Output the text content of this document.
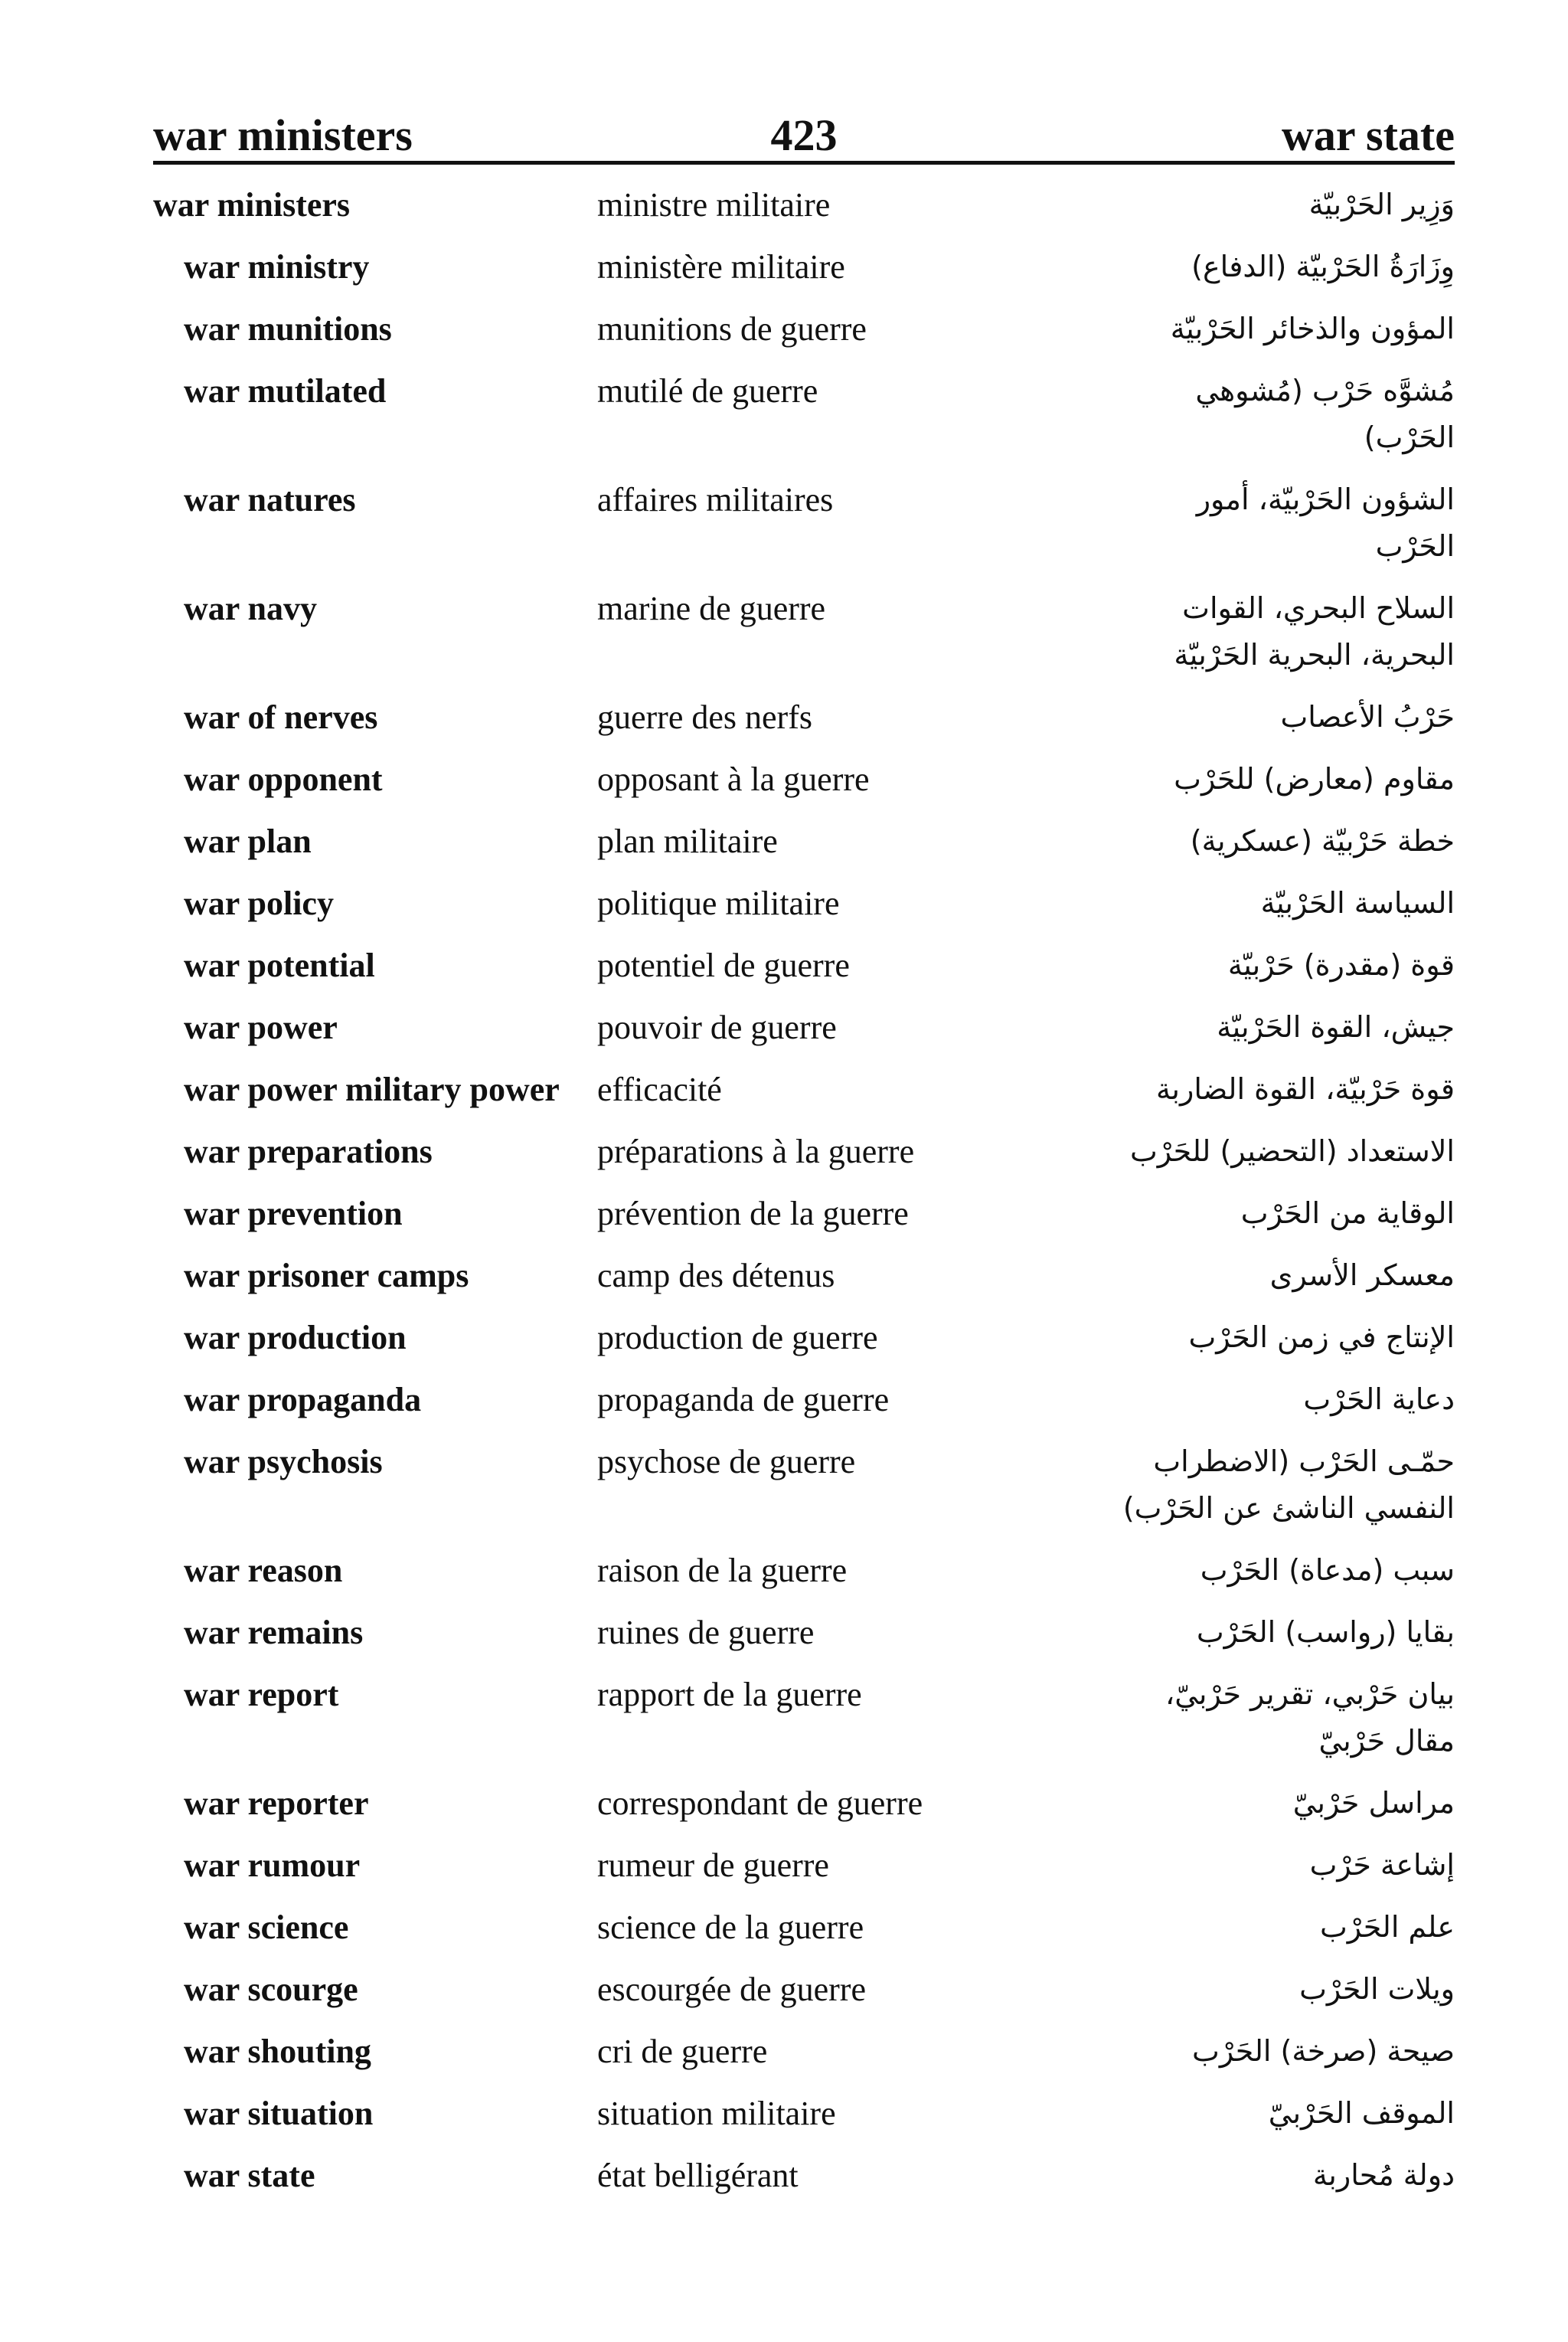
war ministers	423	war state
war ministers	ministre militaire	وَزِير الحَرْبيّة
war ministry	ministère militaire	وِزَارَةُ الحَرْبيّة (الدفاع)
war munitions	munitions de guerre	المؤون والذخائر الحَرْبيّة
war mutilated	mutilé de guerre	مُشوَّه حَرْب (مُشوهي الحَرْب)
war natures	affaires militaires	الشؤون الحَرْبيّة، أمور الحَرْب
war navy	marine de guerre	السلاح البحري، القوات البحرية، البحرية الحَرْبيّة
war of nerves	guerre des nerfs	حَرْبُ الأعصاب
war opponent	opposant à la guerre	مقاوم (معارض) للحَرْب
war plan	plan militaire	خطة حَرْبيّة (عسكرية)
war policy	politique militaire	السياسة الحَرْبيّة
war potential	potentiel de guerre	قوة (مقدرة) حَرْبيّة
war power	pouvoir de guerre	جيش، القوة الحَرْبيّة
war power military power	efficacité	قوة حَرْبيّة، القوة الضاربة
war preparations	préparations à la guerre	الاستعداد (التحضير) للحَرْب
war prevention	prévention de la guerre	الوقاية من الحَرْب
war prisoner camps	camp des détenus	معسكر الأسرى
war production	production de guerre	الإنتاج في زمن الحَرْب
war propaganda	propaganda de guerre	دعاية الحَرْب
war psychosis	psychose de guerre	حمّـى الحَرْب (الاضطراب النفسي الناشئ عن الحَرْب)
war reason	raison de la guerre	سبب (مدعاة) الحَرْب
war remains	ruines de guerre	بقايا (رواسب) الحَرْب
war report	rapport de la guerre	بيان حَرْبي، تقرير حَرْبيّ، مقال حَرْبيّ
war reporter	correspondant de guerre	مراسل حَرْبيّ
war rumour	rumeur de guerre	إشاعة حَرْب
war science	science de la guerre	علم الحَرْب
war scourge	escourgée de guerre	ويلات الحَرْب
war shouting	cri de guerre	صيحة (صرخة) الحَرْب
war situation	situation militaire	الموقف الحَرْبيّ
war state	état belligérant	دولة مُحاربة
